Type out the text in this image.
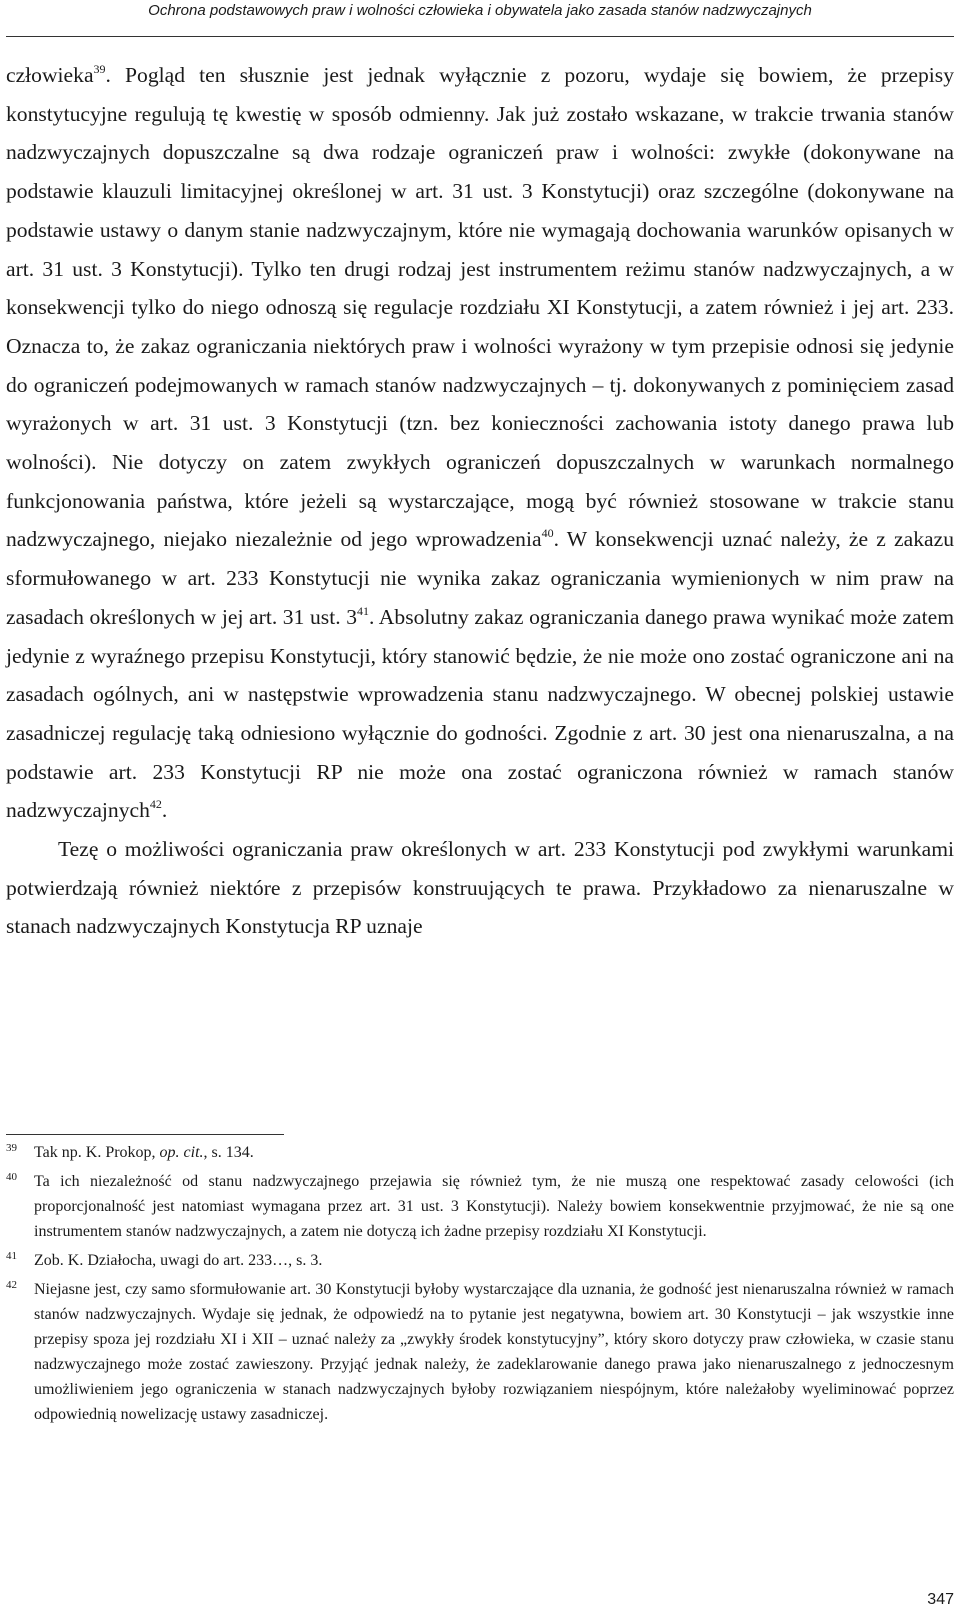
Ochrona podstawowych praw i wolności człowieka i obywatela jako zasada stanów nadzwyczajnych

człowieka$^{39}$. Pogląd ten słusznie jest jednak wyłącznie z pozoru, wydaje się bowiem, że przepisy konstytucyjne regulują tę kwestię w sposób odmienny. Jak już zostało wskazane, w trakcie trwania stanów nadzwyczajnych dopuszczalne są dwa rodzaje ograniczeń praw i wolności: zwykłe (dokonywane na podstawie klauzuli limitacyjnej określonej w art. 31 ust. 3 Konstytucji) oraz szczególne (dokonywane na podstawie ustawy o danym stanie nadzwyczajnym, które nie wymagają dochowania warunków opisanych w art. 31 ust. 3 Konstytucji). Tylko ten drugi rodzaj jest instrumentem reżimu stanów nadzwyczajnych, a w konsekwencji tylko do niego odnoszą się regulacje rozdziału XI Konstytucji, a zatem również i jej art. 233. Oznacza to, że zakaz ograniczania niektórych praw i wolności wyrażony w tym przepisie odnosi się jedynie do ograniczeń podejmowanych w ramach stanów nadzwyczajnych – tj. dokonywanych z pominięciem zasad wyrażonych w art. 31 ust. 3 Konstytucji (tzn. bez konieczności zachowania istoty danego prawa lub wolności). Nie dotyczy on zatem zwykłych ograniczeń dopuszczalnych w warunkach normalnego funkcjonowania państwa, które jeżeli są wystarczające, mogą być również stosowane w trakcie stanu nadzwyczajnego, niejako niezależnie od jego wprowadzenia$^{40}$. W konsekwencji uznać należy, że z zakazu sformułowanego w art. 233 Konstytucji nie wynika zakaz ograniczania wymienionych w nim praw na zasadach określonych w jej art. 31 ust. $3^{41}$. Absolutny zakaz ograniczania danego prawa wynikać może zatem jedynie z wyraźnego przepisu Konstytucji, który stanowić będzie, że nie może ono zostać ograniczone ani na zasadach ogólnych, ani w następstwie wprowadzenia stanu nadzwyczajnego. W obecnej polskiej ustawie zasadniczej regulację taką odniesiono wyłącznie do godności. Zgodnie z art. 30 jest ona nienaruszalna, a na podstawie art. 233 Konstytucji RP nie może ona zostać ograniczona również w ramach stanów nadzwyczajnych$^{42}$.

Tezę o możliwości ograniczania praw określonych w art. 233 Konstytucji pod zwykłymi warunkami potwierdzają również niektóre z przepisów konstruujących te prawa. Przykładowo za nienaruszalne w stanach nadzwyczajnych Konstytucja RP uznaje

39 Tak np. K. Prokop, op. cit., s. 134.
40 Ta ich niezależność od stanu nadzwyczajnego przejawia się również tym, że nie muszą one respektować zasady celowości (ich proporcjonalność jest natomiast wymagana przez art. 31 ust. 3 Konstytucji). Należy bowiem konsekwentnie przyjmować, że nie są one instrumentem stanów nadzwyczajnych, a zatem nie dotyczą ich żadne przepisy rozdziału XI Konstytucji.
41 Zob. K. Działocha, uwagi do art. 233…, s. 3.
42 Niejasne jest, czy samo sformułowanie art. 30 Konstytucji byłoby wystarczające dla uznania, że godność jest nienaruszalna również w ramach stanów nadzwyczajnych. Wydaje się jednak, że odpowiedź na to pytanie jest negatywna, bowiem art. 30 Konstytucji – jak wszystkie inne przepisy spoza jej rozdziału XI i XII – uznać należy za „zwykły środek konstytucyjny”, który skoro dotyczy praw człowieka, w czasie stanu nadzwyczajnego może zostać zawieszony. Przyjąć jednak należy, że zadeklarowanie danego prawa jako nienaruszalnego z jednoczesnym umożliwieniem jego ograniczenia w stanach nadzwyczajnych byłoby rozwiązaniem niespójnym, które należałoby wyeliminować poprzez odpowiednią nowelizację ustawy zasadniczej.
347
